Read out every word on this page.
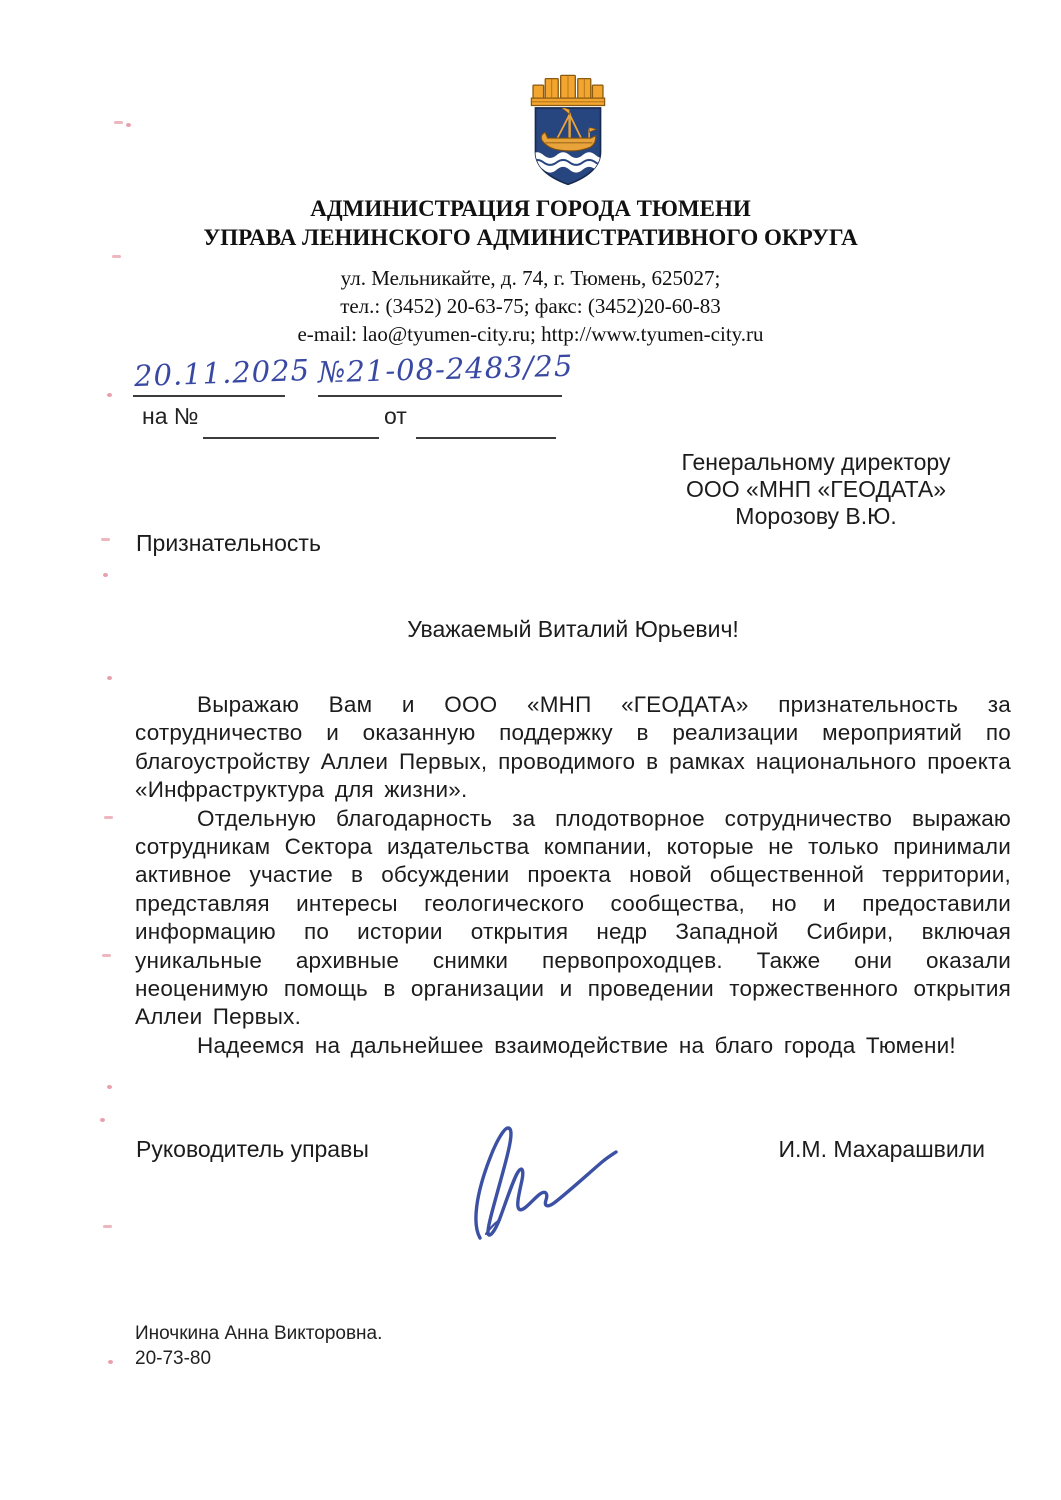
АДМИНИСТРАЦИЯ ГОРОДА ТЮМЕНИ
УПРАВА ЛЕНИНСКОГО АДМИНИСТРАТИВНОГО ОКРУГА
ул. Мельникайте, д. 74, г. Тюмень, 625027;
тел.: (3452) 20-63-75; факс: (3452)20-60-83
e-mail: lao@tyumen-city.ru; http://www.tyumen-city.ru
20.11.2025 №21-08-2483/25
на №	от
Генеральному директору
ООО «МНП «ГЕОДАТА»
Морозову В.Ю.
Признательность
Уважаемый Виталий Юрьевич!

Выражаю Вам и ООО «МНП «ГЕОДАТА» признательность за сотрудничество и оказанную поддержку в реализации мероприятий по благоустройству Аллеи Первых, проводимого в рамках национального проекта «Инфраструктура для жизни».

Отдельную благодарность за плодотворное сотрудничество выражаю сотрудникам Сектора издательства компании, которые не только принимали активное участие в обсуждении проекта новой общественной территории, представляя интересы геологического сообщества, но и предоставили информацию по истории открытия недр Западной Сибири, включая уникальные архивные снимки первопроходцев. Также они оказали неоценимую помощь в организации и проведении торжественного открытия Аллеи Первых.

Надеемся на дальнейшее взаимодействие на благо города Тюмени!

Руководитель управы	И.М. Махарашвили
Иночкина Анна Викторовна.
20-73-80
